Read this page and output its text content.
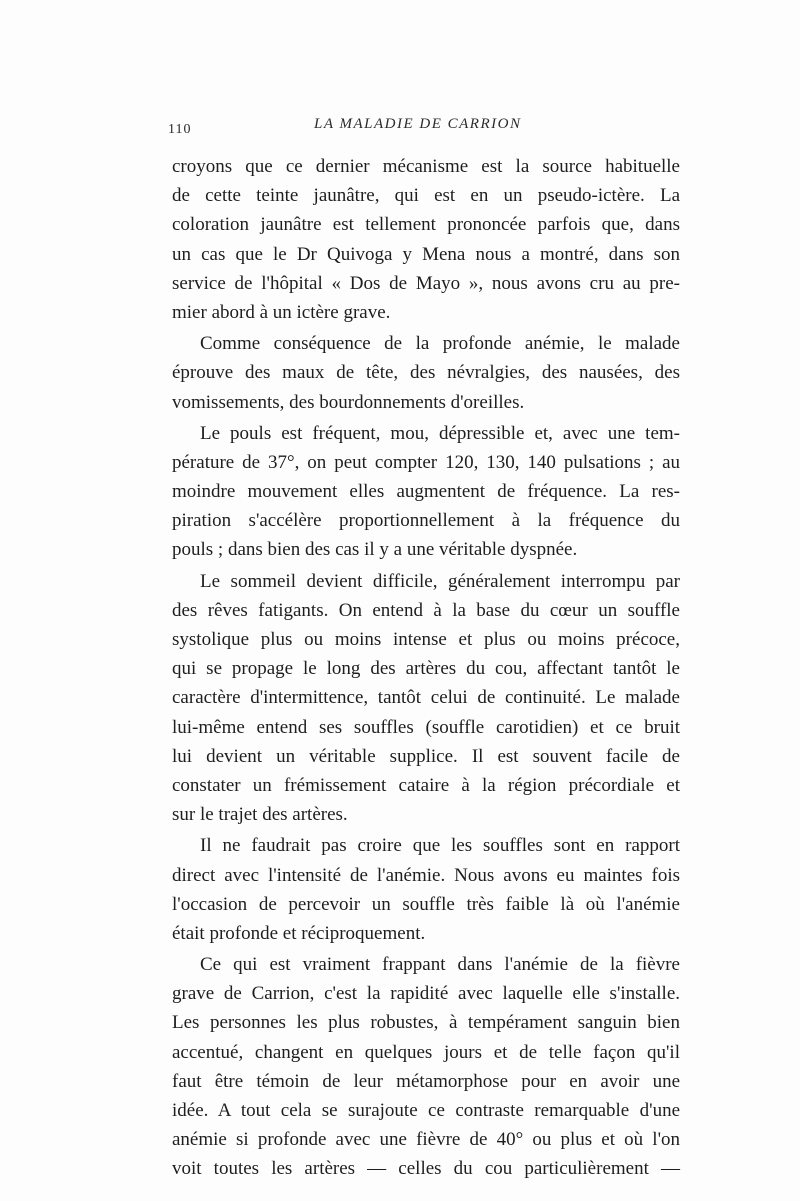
110	LA MALADIE DE CARRION
croyons que ce dernier mécanisme est la source habituelle
de cette teinte jaunâtre, qui est en un pseudo-ictère. La
coloration jaunâtre est tellement prononcée parfois que, dans
un cas que le Dr Quivoga y Mena nous a montré, dans son
service de l'hôpital « Dos de Mayo », nous avons cru au pre-
mier abord à un ictère grave.
Comme conséquence de la profonde anémie, le malade
éprouve des maux de tête, des névralgies, des nausées, des
vomissements, des bourdonnements d'oreilles.
Le pouls est fréquent, mou, dépressible et, avec une tem-
pérature de 37°, on peut compter 120, 130, 140 pulsations ; au
moindre mouvement elles augmentent de fréquence. La res-
piration s'accélère proportionnellement à la fréquence du
pouls ; dans bien des cas il y a une véritable dyspnée.
Le sommeil devient difficile, généralement interrompu par
des rêves fatigants. On entend à la base du cœur un souffle
systolique plus ou moins intense et plus ou moins précoce,
qui se propage le long des artères du cou, affectant tantôt le
caractère d'intermittence, tantôt celui de continuité. Le malade
lui-même entend ses souffles (souffle carotidien) et ce bruit
lui devient un véritable supplice. Il est souvent facile de
constater un frémissement cataire à la région précordiale et
sur le trajet des artères.
Il ne faudrait pas croire que les souffles sont en rapport
direct avec l'intensité de l'anémie. Nous avons eu maintes fois
l'occasion de percevoir un souffle très faible là où l'anémie
était profonde et réciproquement.
Ce qui est vraiment frappant dans l'anémie de la fièvre
grave de Carrion, c'est la rapidité avec laquelle elle s'installe.
Les personnes les plus robustes, à tempérament sanguin bien
accentué, changent en quelques jours et de telle façon qu'il
faut être témoin de leur métamorphose pour en avoir une
idée. A tout cela se surajoute ce contraste remarquable d'une
anémie si profonde avec une fièvre de 40° ou plus et où l'on
voit toutes les artères — celles du cou particulièrement —
